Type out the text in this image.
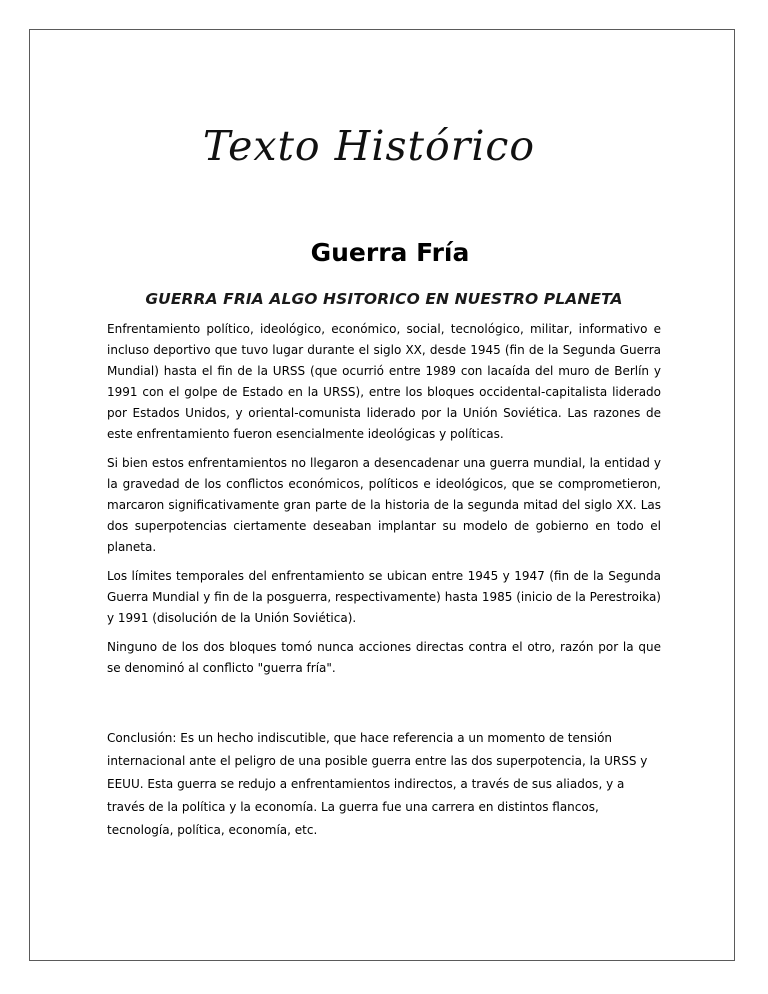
Texto Histórico
Guerra Fría
GUERRA FRIA ALGO HSITORICO EN NUESTRO PLANETA

Enfrentamiento político, ideológico, económico, social, tecnológico, militar, informativo e incluso deportivo que tuvo lugar durante el siglo XX, desde 1945 (fin de la Segunda Guerra Mundial) hasta el fin de la URSS (que ocurrió entre 1989 con lacaída del muro de Berlín y 1991 con el golpe de Estado en la URSS), entre los bloques occidental-capitalista liderado por Estados Unidos, y oriental-comunista liderado por la Unión Soviética. Las razones de este enfrentamiento fueron esencialmente ideológicas y políticas.

Si bien estos enfrentamientos no llegaron a desencadenar una guerra mundial, la entidad y la gravedad de los conflictos económicos, políticos e ideológicos, que se comprometieron, marcaron significativamente gran parte de la historia de la segunda mitad del siglo XX. Las dos superpotencias ciertamente deseaban implantar su modelo de gobierno en todo el planeta.

Los límites temporales del enfrentamiento se ubican entre 1945 y 1947 (fin de la Segunda Guerra Mundial y fin de la posguerra, respectivamente) hasta 1985 (inicio de la Perestroika) y 1991 (disolución de la Unión Soviética).

Ninguno de los dos bloques tomó nunca acciones directas contra el otro, razón por la que se denominó al conflicto "guerra fría".

Conclusión: Es un hecho indiscutible, que hace referencia a un momento de tensión internacional ante el peligro de una posible guerra entre las dos superpotencia, la URSS y EEUU. Esta guerra se redujo a enfrentamientos indirectos, a través de sus aliados, y a través de la política y la economía. La guerra fue una carrera en distintos flancos, tecnología, política, economía, etc.
